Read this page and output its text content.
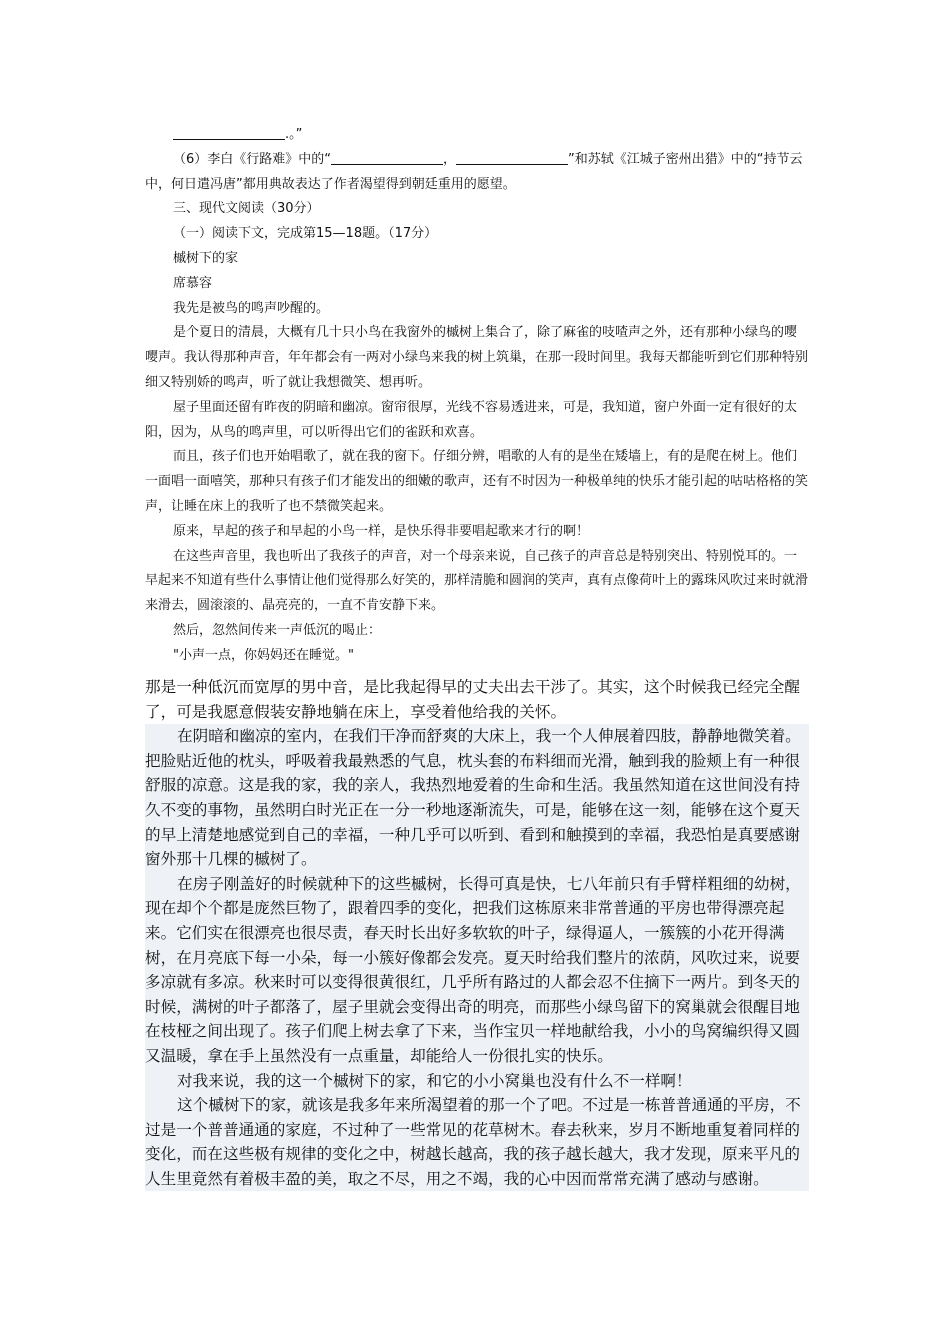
.。”

（6）李白《行路难》中的“	，	”和苏轼《江城子密州出猎》中的“持节云中，何日遣冯唐”都用典故表达了作者渴望得到朝廷重用的愿望。

三、现代文阅读（30分）

（一）阅读下文，完成第15—18题。（17分）

槭树下的家

席慕容

我先是被鸟的鸣声吵醒的。

是个夏日的清晨，大概有几十只小鸟在我窗外的槭树上集合了，除了麻雀的吱喳声之外，还有那种小绿鸟的嘤嘤声。我认得那种声音，年年都会有一两对小绿鸟来我的树上筑巢，在那一段时间里。我每天都能听到它们那种特别细又特别娇的鸣声，听了就让我想微笑、想再听。

屋子里面还留有昨夜的阴暗和幽凉。窗帘很厚，光线不容易透进来，可是，我知道，窗户外面一定有很好的太阳，因为，从鸟的鸣声里，可以听得出它们的雀跃和欢喜。

而且，孩子们也开始唱歌了，就在我的窗下。仔细分辨，唱歌的人有的是坐在矮墙上，有的是爬在树上。他们一面唱一面嘻笑，那种只有孩子们才能发出的细嫩的歌声，还有不时因为一种极单纯的快乐才能引起的咕咕格格的笑声，让睡在床上的我听了也不禁微笑起来。

原来，早起的孩子和早起的小鸟一样，是快乐得非要唱起歌来才行的啊！

在这些声音里，我也听出了我孩子的声音，对一个母亲来说，自己孩子的声音总是特别突出、特别悦耳的。一早起来不知道有些什么事情让他们觉得那么好笑的，那样清脆和圆润的笑声，真有点像荷叶上的露珠风吹过来时就滑来滑去，圆滚滚的、晶亮亮的，一直不肯安静下来。

然后，忽然间传来一声低沉的喝止：

"小声一点，你妈妈还在睡觉。"

那是一种低沉而宽厚的男中音，是比我起得早的丈夫出去干涉了。其实，这个时候我已经完全醒了，可是我愿意假装安静地躺在床上，享受着他给我的关怀。

在阴暗和幽凉的室内，在我们干净而舒爽的大床上，我一个人伸展着四肢，静静地微笑着。把脸贴近他的枕头，呼吸着我最熟悉的气息，枕头套的布料细而光滑，触到我的脸颊上有一种很舒服的凉意。这是我的家，我的亲人，我热烈地爱着的生命和生活。我虽然知道在这世间没有持久不变的事物，虽然明白时光正在一分一秒地逐渐流失，可是，能够在这一刻，能够在这个夏天的早上清楚地感觉到自己的幸福，一种几乎可以听到、看到和触摸到的幸福，我恐怕是真要感谢窗外那十几棵的槭树了。

在房子刚盖好的时候就种下的这些槭树，长得可真是快，七八年前只有手臂样粗细的幼树，现在却个个都是庞然巨物了，跟着四季的变化，把我们这栋原来非常普通的平房也带得漂亮起来。它们实在很漂亮也很尽责，春天时长出好多软软的叶子，绿得逼人，一簇簇的小花开得满树，在月亮底下每一小朵，每一小簇好像都会发亮。夏天时给我们整片的浓荫，风吹过来，说要多凉就有多凉。秋来时可以变得很黄很红，几乎所有路过的人都会忍不住摘下一两片。到冬天的时候，满树的叶子都落了，屋子里就会变得出奇的明亮，而那些小绿鸟留下的窝巢就会很醒目地在枝桠之间出现了。孩子们爬上树去拿了下来，当作宝贝一样地献给我，小小的鸟窝编织得又圆又温暖，拿在手上虽然没有一点重量，却能给人一份很扎实的快乐。

对我来说，我的这一个槭树下的家，和它的小小窝巢也没有什么不一样啊！

这个槭树下的家，就该是我多年来所渴望着的那一个了吧。不过是一栋普普通通的平房，不过是一个普普通通的家庭，不过种了一些常见的花草树木。春去秋来，岁月不断地重复着同样的变化，而在这些极有规律的变化之中，树越长越高，我的孩子越长越大，我才发现，原来平凡的人生里竟然有着极丰盈的美，取之不尽，用之不竭，我的心中因而常常充满了感动与感谢。
